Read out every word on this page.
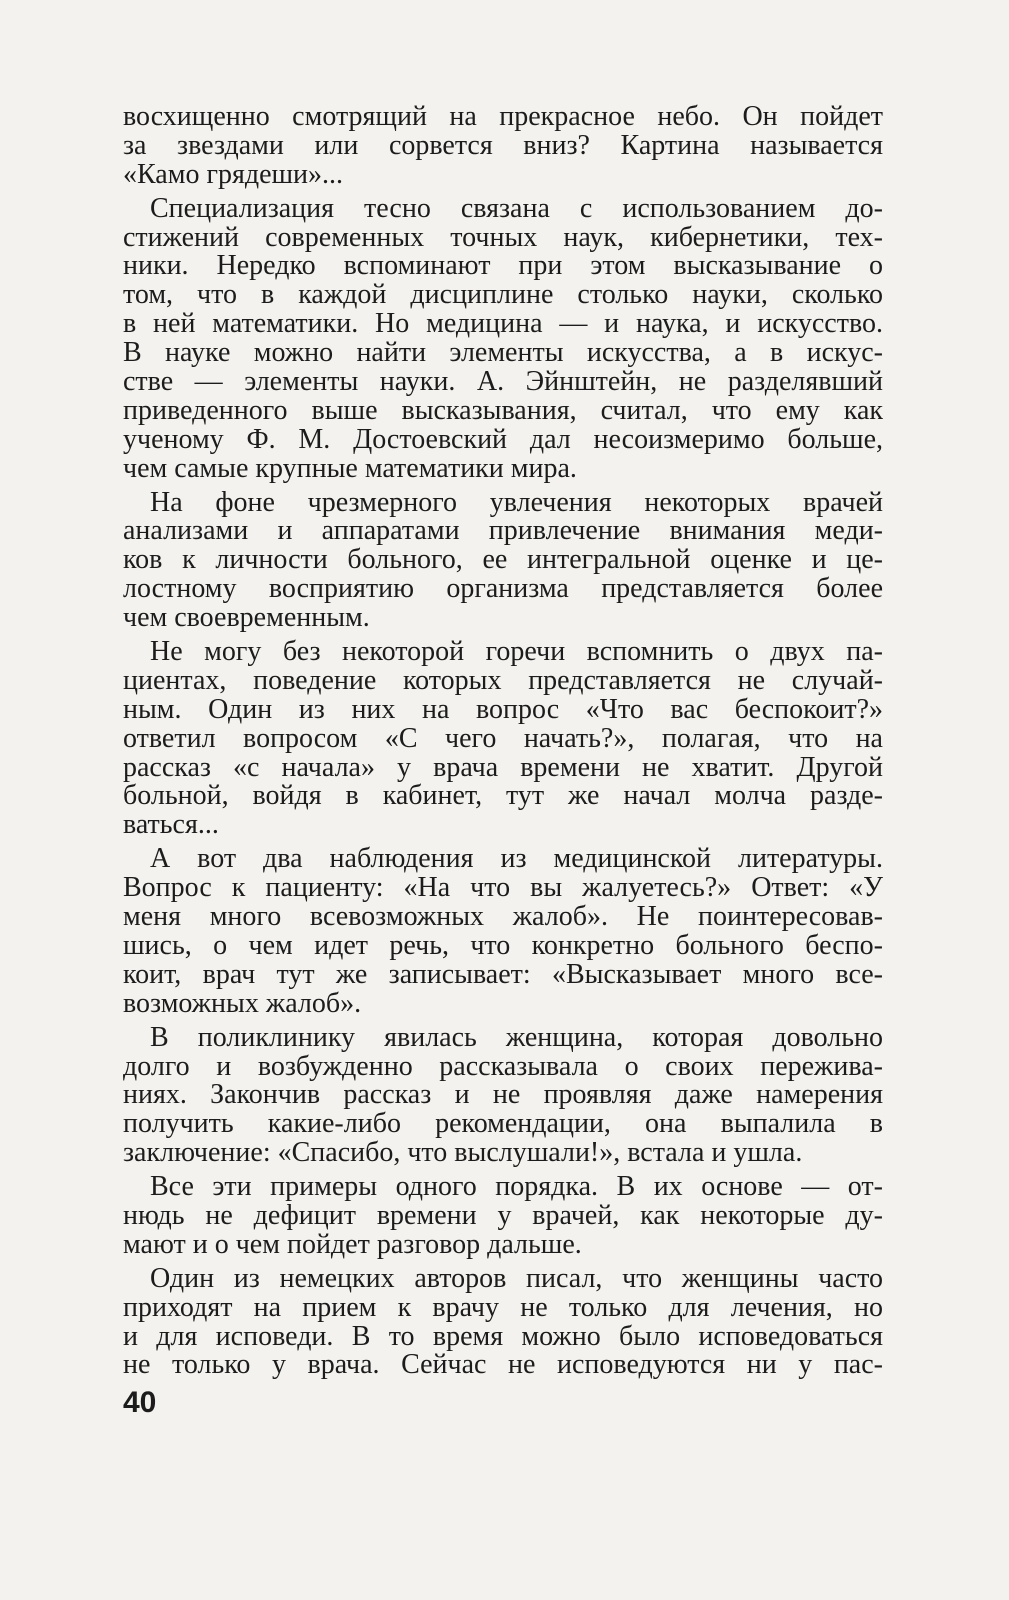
восхищенно смотрящий на прекрасное небо. Он пойдет
за звездами или сорвется вниз? Картина называется
«Камо грядеши»...
Специализация тесно связана с использованием до-
стижений современных точных наук, кибернетики, тех-
ники. Нередко вспоминают при этом высказывание о
том, что в каждой дисциплине столько науки, сколько
в ней математики. Но медицина — и наука, и искусство.
В науке можно найти элементы искусства, а в искус-
стве — элементы науки. А. Эйнштейн, не разделявший
приведенного выше высказывания, считал, что ему как
ученому Ф. М. Достоевский дал несоизмеримо больше,
чем самые крупные математики мира.
На фоне чрезмерного увлечения некоторых врачей
анализами и аппаратами привлечение внимания меди-
ков к личности больного, ее интегральной оценке и це-
лостному восприятию организма представляется более
чем своевременным.
Не могу без некоторой горечи вспомнить о двух па-
циентах, поведение которых представляется не случай-
ным. Один из них на вопрос «Что вас беспокоит?»
ответил вопросом «С чего начать?», полагая, что на
рассказ «с начала» у врача времени не хватит. Другой
больной, войдя в кабинет, тут же начал молча разде-
ваться...
А вот два наблюдения из медицинской литературы.
Вопрос к пациенту: «На что вы жалуетесь?» Ответ: «У
меня много всевозможных жалоб». Не поинтересовав-
шись, о чем идет речь, что конкретно больного беспо-
коит, врач тут же записывает: «Высказывает много все-
возможных жалоб».
В поликлинику явилась женщина, которая довольно
долго и возбужденно рассказывала о своих пережива-
ниях. Закончив рассказ и не проявляя даже намерения
получить какие-либо рекомендации, она выпалила в
заключение: «Спасибо, что выслушали!», встала и ушла.
Все эти примеры одного порядка. В их основе — от-
нюдь не дефицит времени у врачей, как некоторые ду-
мают и о чем пойдет разговор дальше.
Один из немецких авторов писал, что женщины часто
приходят на прием к врачу не только для лечения, но
и для исповеди. В то время можно было исповедоваться
не только у врача. Сейчас не исповедуются ни у пас-
40
